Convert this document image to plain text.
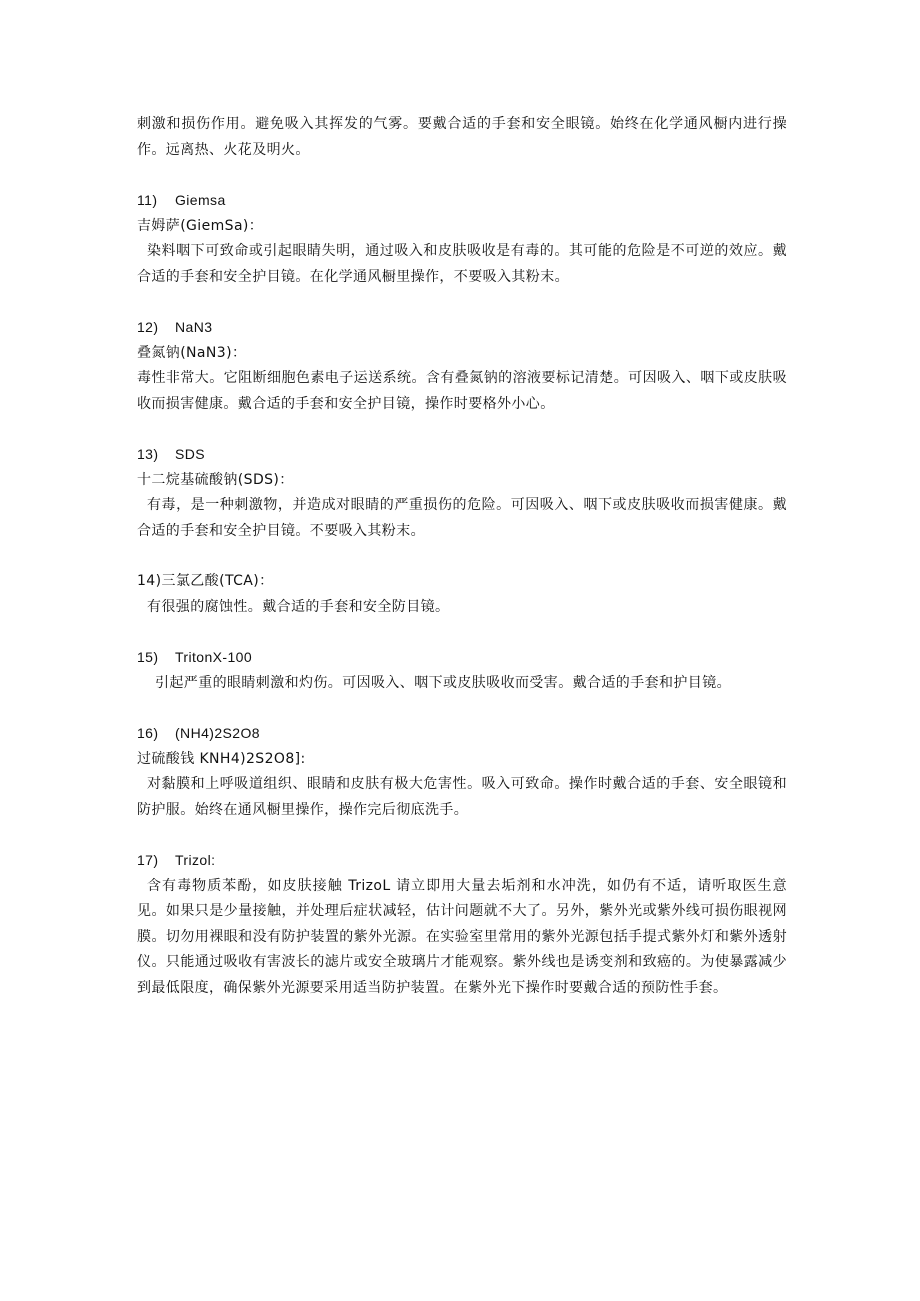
刺激和损伤作用。避免吸入其挥发的气雾。要戴合适的手套和安全眼镜。始终在化学通风橱内进行操作。远离热、火花及明火。

11) Giemsa

吉姆萨(GiemSa)：

染料咽下可致命或引起眼睛失明，通过吸入和皮肤吸收是有毒的。其可能的危险是不可逆的效应。戴合适的手套和安全护目镜。在化学通风橱里操作，不要吸入其粉末。

12) NaN3

叠氮钠(NaN3)：

毒性非常大。它阻断细胞色素电子运送系统。含有叠氮钠的溶液要标记清楚。可因吸入、咽下或皮肤吸收而损害健康。戴合适的手套和安全护目镜，操作时要格外小心。

13) SDS

十二烷基硫酸钠(SDS)：

有毒，是一种刺激物，并造成对眼睛的严重损伤的危险。可因吸入、咽下或皮肤吸收而损害健康。戴合适的手套和安全护目镜。不要吸入其粉末。

14)三氯乙酸(TCA)：

有很强的腐蚀性。戴合适的手套和安全防目镜。

15) TritonX-100

引起严重的眼睛刺激和灼伤。可因吸入、咽下或皮肤吸收而受害。戴合适的手套和护目镜。

16) (NH4)2S2O8

过硫酸钱 KNH4)2S2O8]:

对黏膜和上呼吸道组织、眼睛和皮肤有极大危害性。吸入可致命。操作时戴合适的手套、安全眼镜和防护服。始终在通风橱里操作，操作完后彻底洗手。

17) Trizol:

含有毒物质苯酚，如皮肤接触 TrizoL 请立即用大量去垢剂和水冲洗，如仍有不适，请听取医生意见。如果只是少量接触，并处理后症状减轻，估计问题就不大了。另外，紫外光或紫外线可损伤眼视网膜。切勿用裸眼和没有防护装置的紫外光源。在实验室里常用的紫外光源包括手提式紫外灯和紫外透射仪。只能通过吸收有害波长的滤片或安全玻璃片才能观察。紫外线也是诱变剂和致癌的。为使暴露减少到最低限度，确保紫外光源要采用适当防护装置。在紫外光下操作时要戴合适的预防性手套。
